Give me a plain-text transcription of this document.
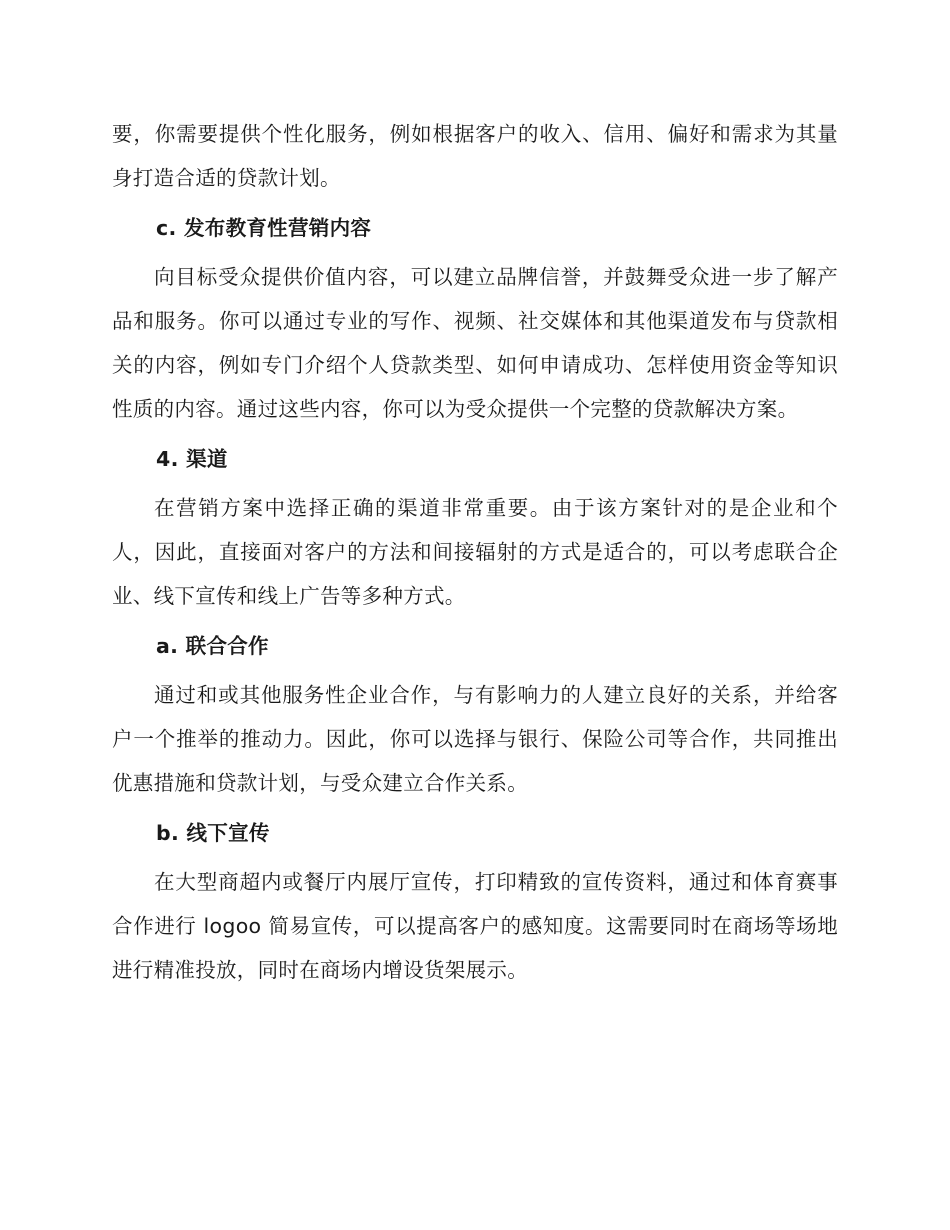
要，你需要提供个性化服务，例如根据客户的收入、信用、偏好和需求为其量身打造合适的贷款计划。

c. 发布教育性营销内容

向目标受众提供价值内容，可以建立品牌信誉，并鼓舞受众进一步了解产品和服务。你可以通过专业的写作、视频、社交媒体和其他渠道发布与贷款相关的内容，例如专门介绍个人贷款类型、如何申请成功、怎样使用资金等知识性质的内容。通过这些内容，你可以为受众提供一个完整的贷款解决方案。

4. 渠道

在营销方案中选择正确的渠道非常重要。由于该方案针对的是企业和个人，因此，直接面对客户的方法和间接辐射的方式是适合的，可以考虑联合企业、线下宣传和线上广告等多种方式。

a. 联合合作

通过和或其他服务性企业合作，与有影响力的人建立良好的关系，并给客户一个推举的推动力。因此，你可以选择与银行、保险公司等合作，共同推出优惠措施和贷款计划，与受众建立合作关系。

b. 线下宣传

在大型商超内或餐厅内展厅宣传，打印精致的宣传资料，通过和体育赛事合作进行 logoo 简易宣传，可以提高客户的感知度。这需要同时在商场等场地进行精准投放，同时在商场内增设货架展示。
